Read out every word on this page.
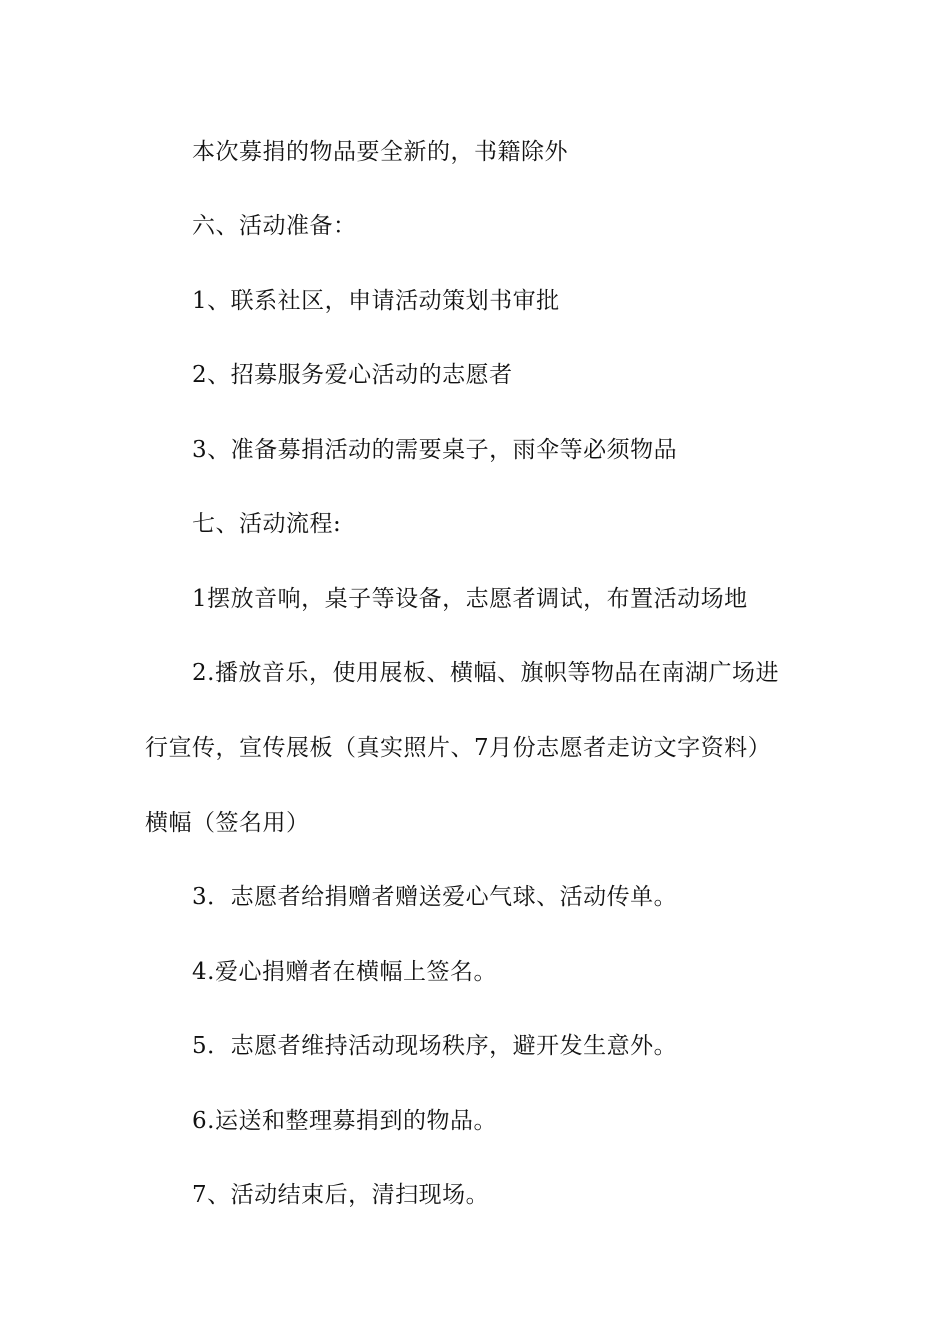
本次募捐的物品要全新的，书籍除外
六、活动准备：
1、联系社区，申请活动策划书审批
2、招募服务爱心活动的志愿者
3、准备募捐活动的需要桌子，雨伞等必须物品
七、活动流程:
1摆放音响，桌子等设备，志愿者调试，布置活动场地
2.播放音乐，使用展板、横幅、旗帜等物品在南湖广场进
行宣传，宣传展板（真实照片、7月份志愿者走访文字资料）
横幅（签名用）
3．志愿者给捐赠者赠送爱心气球、活动传单。
4.爱心捐赠者在横幅上签名。
5．志愿者维持活动现场秩序，避开发生意外。
6.运送和整理募捐到的物品。
7、活动结束后，清扫现场。
